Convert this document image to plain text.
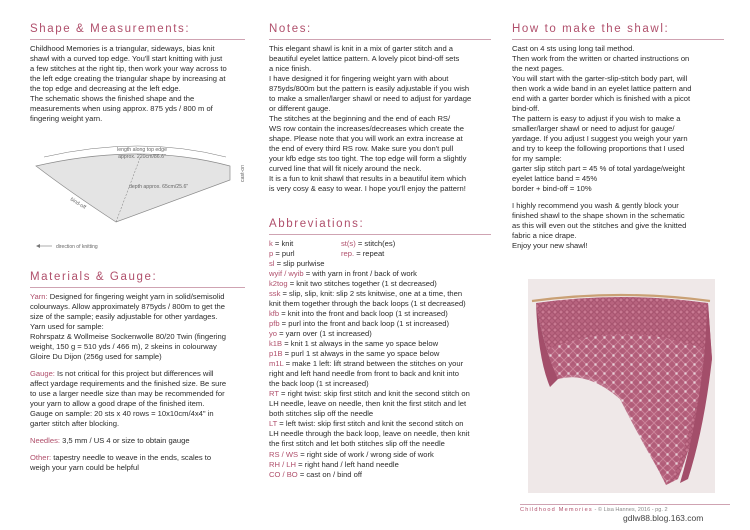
Shape & Measurements:

Childhood Memories is a triangular, sideways, bias knit
shawl with a curved top edge. You'll start knitting with just
a few stitches at the right tip, then work your way across to
the left edge creating the triangular shape by increasing at
the top edge and decreasing at the left edge.
The schematic shows the finished shape and the
measurements when using approx. 875 yds / 800 m of
fingering weight yarn.

length along top edge
approx. 220cm/86.6"
depth approx. 65cm/25.6"
cast-on
bind-off
direction of knitting
Materials & Gauge:

Yarn: Designed for fingering weight yarn in solid/semisolid
colourways. Allow approximately 875yds / 800m to get the
size of the sample; easily adjustable for other yardages.
Yarn used for sample:
Rohrspatz & Wollmeise Sockenwolle 80/20 Twin (fingering
weight, 150 g = 510 yds / 466 m), 2 skeins in colourway
Gloire Du Dijon (256g used for sample)

Gauge: Is not critical for this project but differences will
affect yardage requirements and the finished size. Be sure
to use a larger needle size than may be recommended for
your yarn to allow a good drape of the finished item.
Gauge on sample: 20 sts x 40 rows = 10x10cm/4x4" in
garter stitch after blocking.

Needles: 3,5 mm / US 4 or size to obtain gauge

Other: tapestry needle to weave in the ends, scales to
weigh your yarn could be helpful

Notes:

This elegant shawl is knit in a mix of garter stitch and a
beautiful eyelet lattice pattern. A lovely picot bind-off sets
a nice finish.
I have designed it for fingering weight yarn with about
875yds/800m but the pattern is easily adjustable if you wish
to make a smaller/larger shawl or need to adjust for yardage
or different gauge.
The stitches at the beginning and the end of each RS/
WS row contain the increases/decreases which create the
shape. Please note that you will work an extra increase at
the end of every third RS row. Make sure you don't pull
your kfb edge sts too tight. The top edge will form a slightly
curved line that will fit nicely around the neck.
It is a fun to knit shawl that results in a beautiful item which
is very cosy & easy to wear. I hope you'll enjoy the pattern!

Abbreviations:
k = knit	st(s) = stitch(es)
p = purl	rep. = repeat
sl = slip purlwise

wyif / wyib = with yarn in front / back of work

k2tog = knit two stitches together (1 st decreased)

ssk = slip, slip, knit: slip 2 sts knitwise, one at a time, then
knit them together through the back loops (1 st decreased)

kfb = knit into the front and back loop (1 st increased)

pfb = purl into the front and back loop (1 st increased)

yo = yarn over (1 st increased)

k1B = knit 1 st always in the same yo space below

p1B = purl 1 st always in the same yo space below

m1L = make 1 left: lift strand between the stitches on your
right and left hand needle from front to back and knit into
the back loop (1 st increased)

RT = right twist: skip first stitch and knit the second stitch on
LH needle, leave on needle, then knit the first stitch and let
both stitches slip off the needle

LT = left twist: skip first stitch and knit the second stitch on
LH needle through the back loop, leave on needle, then knit
the first stitch and let both stitches slip off the needle

RS / WS = right side of work / wrong side of work

RH / LH = right hand / left hand needle

CO / BO = cast on / bind off

How to make the shawl:

Cast on 4 sts using long tail method.
Then work from the written or charted instructions on
the next pages.
You will start with the garter-slip-stitch body part, will
then work a wide band in an eyelet lattice pattern and
end with a garter border which is finished with a picot
bind-off.
The pattern is easy to adjust if you wish to make a
smaller/larger shawl or need to adjust for gauge/
yardage. If you adjust I suggest you weigh your yarn
and try to keep the following proportions that I used
for my sample:
garter slip stitch part = 45 % of total yardage/weight
eyelet lattice band = 45%
border + bind-off = 10%

I highly recommend you wash & gently block your
finished shawl to the shape shown in the schematic
as this will even out the stitches and give the knitted
fabric a nice drape.
Enjoy your new shawl!

Childhood Memories - © Lisa Hannes, 2016 - pg. 2
gdlw88.blog.163.com
